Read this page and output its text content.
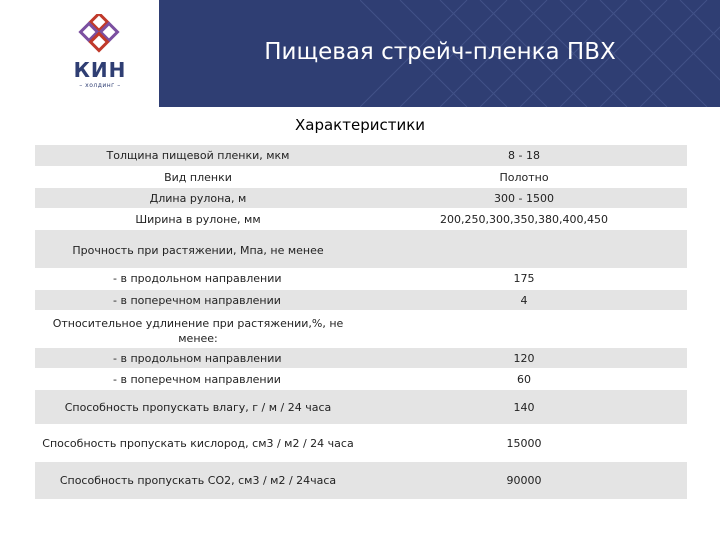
КИН
– холдинг –
Пищевая стрейч-пленка ПВХ
Характеристики
Толщина пищевой пленки, мкм	8 - 18
Вид пленки	Полотно
Длина рулона, м	300 - 1500
Ширина в рулоне, мм	200,250,300,350,380,400,450
Прочность при растяжении, Мпа, не менее
- в продольном направлении	175
- в поперечном направлении	4
Относительное удлинение при растяжении,%, не
менее:
- в продольном направлении	120
- в поперечном направлении	60
Способность пропускать влагу, г / м / 24 часа	140
Способность пропускать кислород, см3 / м2 / 24 часа	15000
Способность пропускать СО2, см3 / м2 / 24часа	90000
